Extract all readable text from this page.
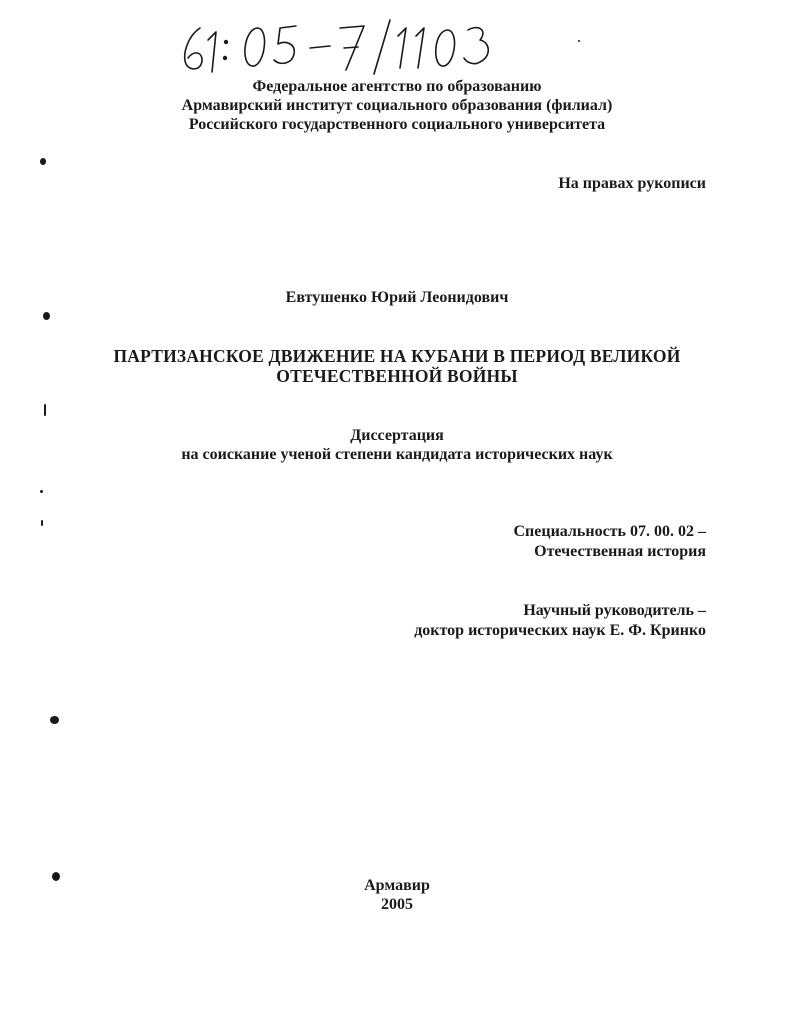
Федеральное агентство по образованию
Армавирский институт социального образования (филиал)
Российского государственного социального университета
На правах рукописи
Евтушенко Юрий Леонидович
ПАРТИЗАНСКОЕ ДВИЖЕНИЕ НА КУБАНИ В ПЕРИОД ВЕЛИКОЙ
ОТЕЧЕСТВЕННОЙ ВОЙНЫ
Диссертация
на соискание ученой степени кандидата исторических наук
Специальность 07. 00. 02 –
Отечественная история
Научный руководитель –
доктор исторических наук Е. Ф. Кринко
Армавир
2005
